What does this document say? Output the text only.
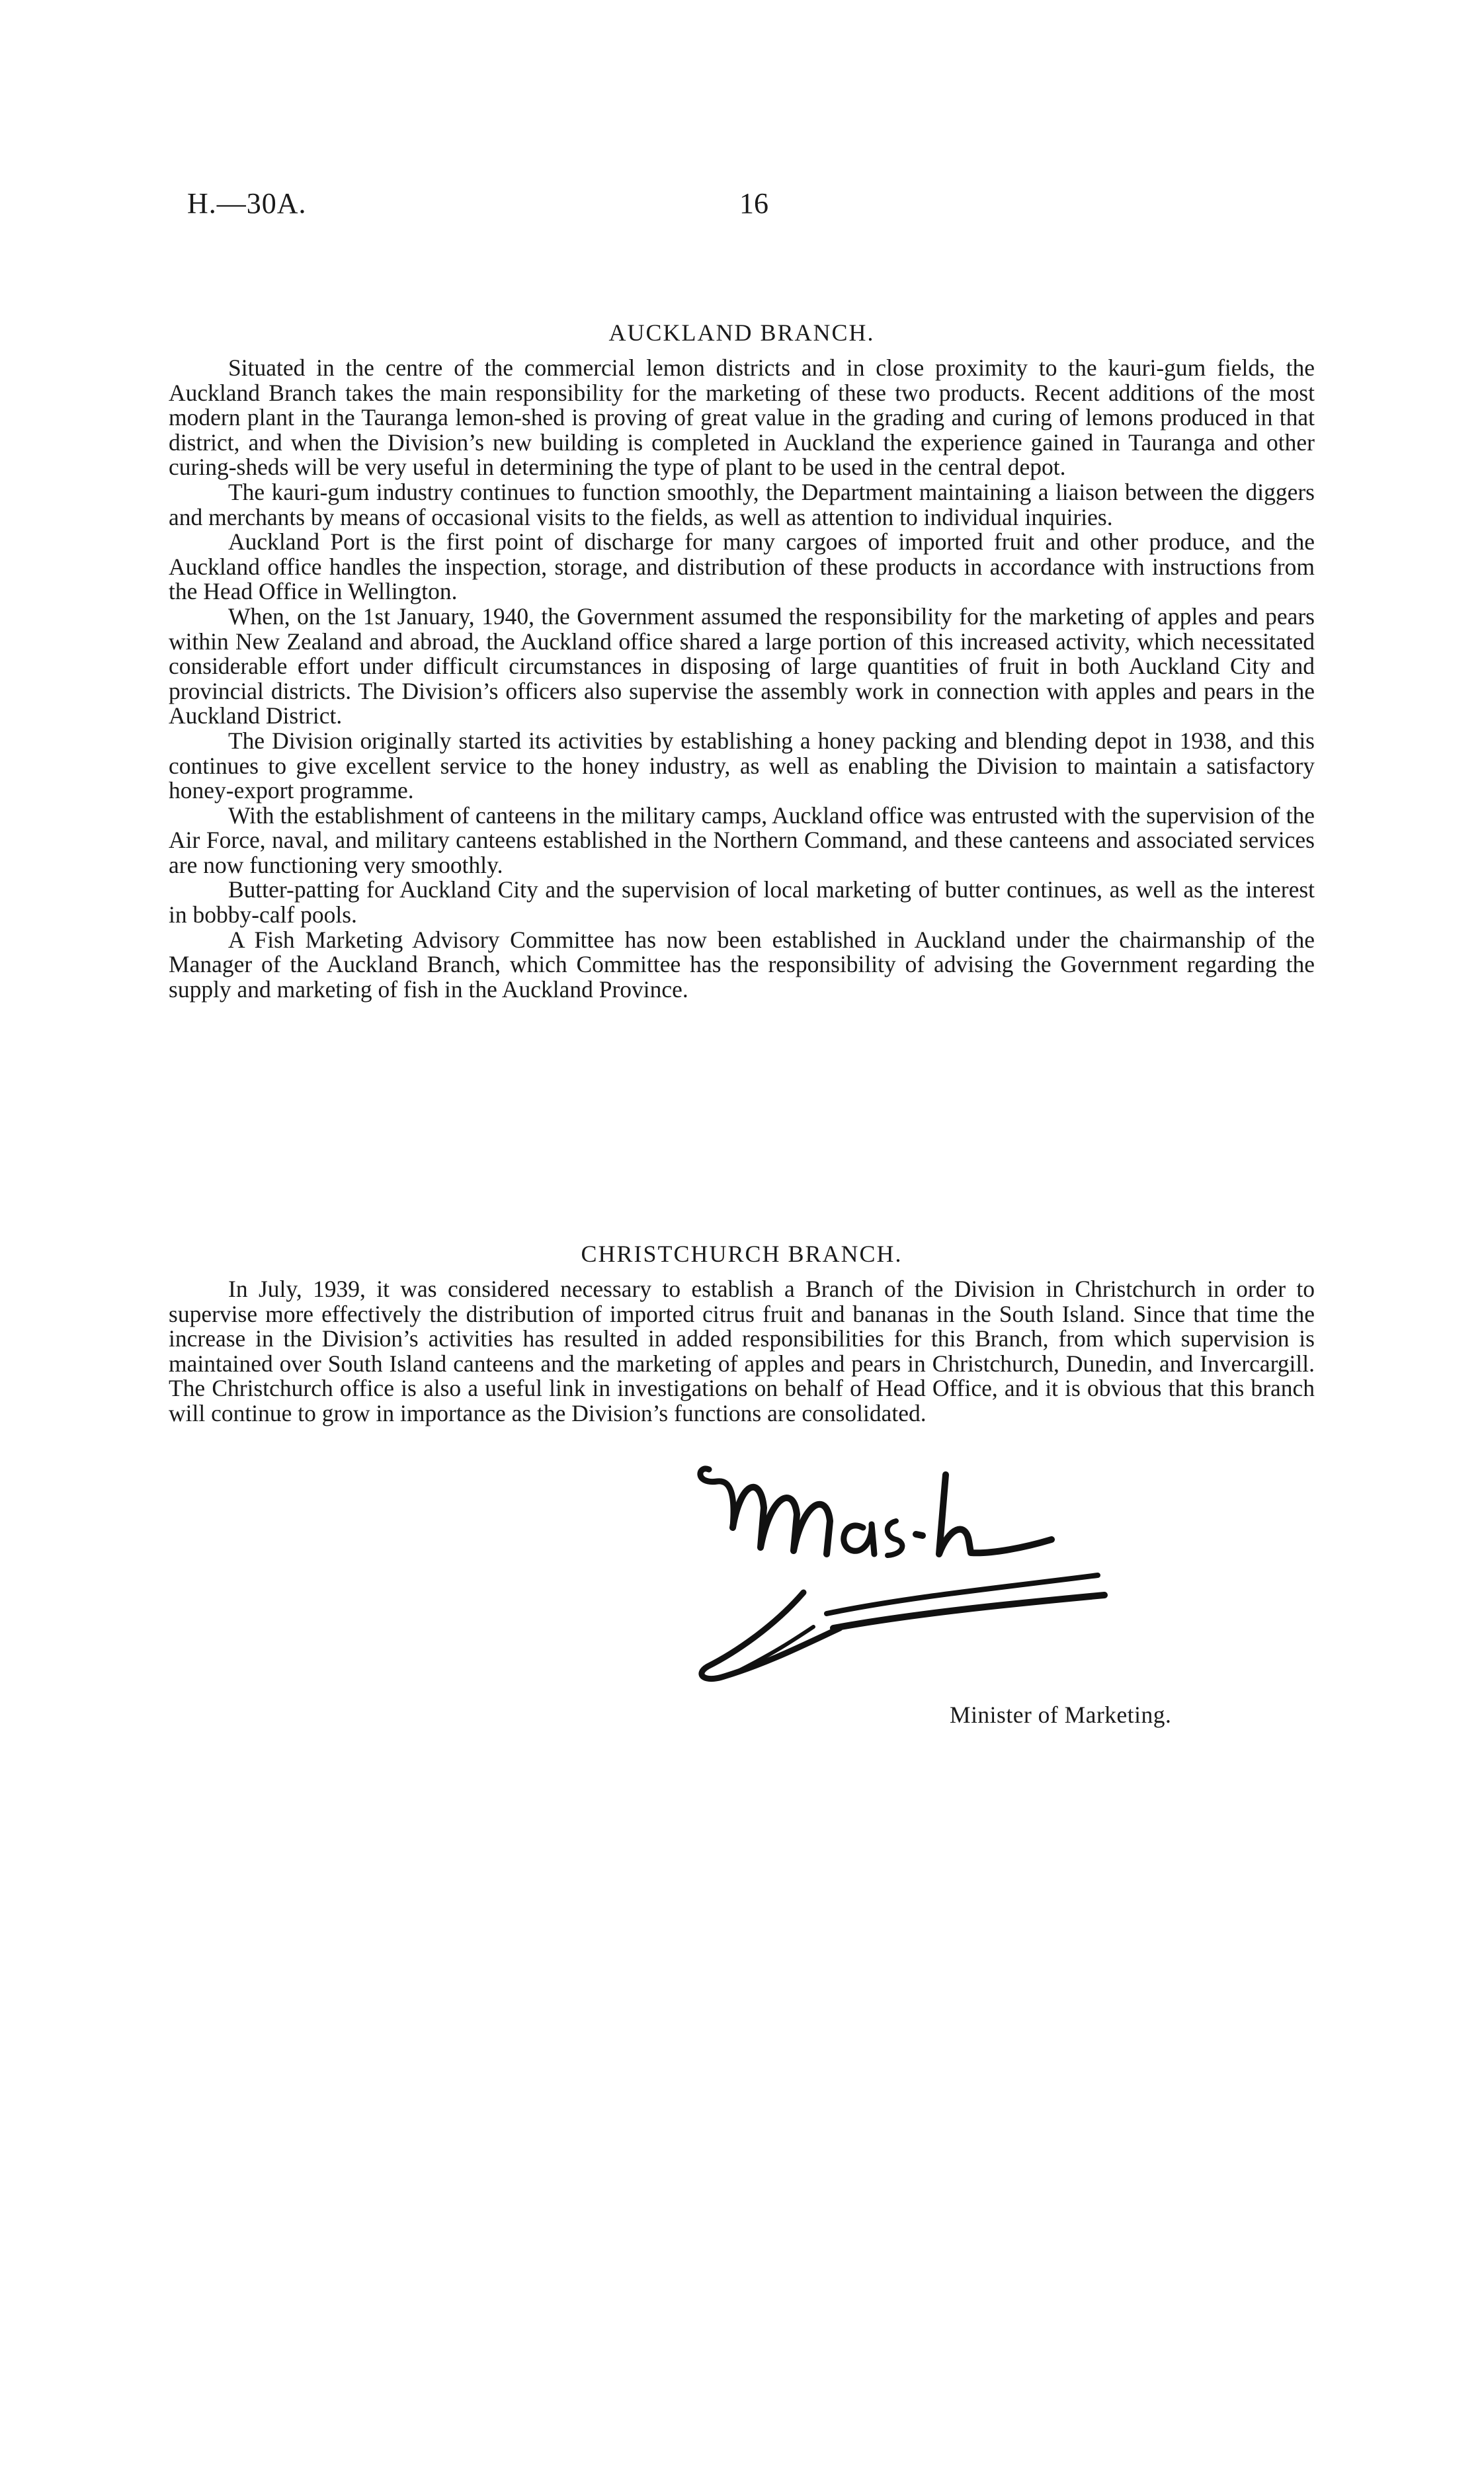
H.—30A.	16
AUCKLAND BRANCH.

Situated in the centre of the commercial lemon districts and in close proximity to the kauri-gum fields, the Auckland Branch takes the main responsibility for the marketing of these two products. Recent additions of the most modern plant in the Tauranga lemon-shed is proving of great value in the grading and curing of lemons produced in that district, and when the Division’s new building is completed in Auckland the experience gained in Tauranga and other curing-sheds will be very useful in determining the type of plant to be used in the central depot.

The kauri-gum industry continues to function smoothly, the Department maintaining a liaison between the diggers and merchants by means of occasional visits to the fields, as well as attention to individual inquiries.

Auckland Port is the first point of discharge for many cargoes of imported fruit and other produce, and the Auckland office handles the inspection, storage, and distribution of these products in accordance with instructions from the Head Office in Wellington.

When, on the 1st January, 1940, the Government assumed the responsibility for the marketing of apples and pears within New Zealand and abroad, the Auckland office shared a large portion of this increased activity, which necessitated considerable effort under difficult circumstances in disposing of large quantities of fruit in both Auckland City and provincial districts. The Division’s officers also supervise the assembly work in connection with apples and pears in the Auckland District.

The Division originally started its activities by establishing a honey packing and blending depot in 1938, and this continues to give excellent service to the honey industry, as well as enabling the Division to maintain a satisfactory honey-export programme.

With the establishment of canteens in the military camps, Auckland office was entrusted with the supervision of the Air Force, naval, and military canteens established in the Northern Command, and these canteens and associated services are now functioning very smoothly.

Butter-patting for Auckland City and the supervision of local marketing of butter continues, as well as the interest in bobby-calf pools.

A Fish Marketing Advisory Committee has now been established in Auckland under the chairmanship of the Manager of the Auckland Branch, which Committee has the responsibility of advising the Government regarding the supply and marketing of fish in the Auckland Province.

CHRISTCHURCH BRANCH.

In July, 1939, it was considered necessary to establish a Branch of the Division in Christchurch in order to supervise more effectively the distribution of imported citrus fruit and bananas in the South Island. Since that time the increase in the Division’s activities has resulted in added responsibilities for this Branch, from which supervision is maintained over South Island canteens and the marketing of apples and pears in Christchurch, Dunedin, and Invercargill. The Christchurch office is also a useful link in investigations on behalf of Head Office, and it is obvious that this branch will continue to grow in importance as the Division’s functions are consolidated.

Minister of Marketing.
